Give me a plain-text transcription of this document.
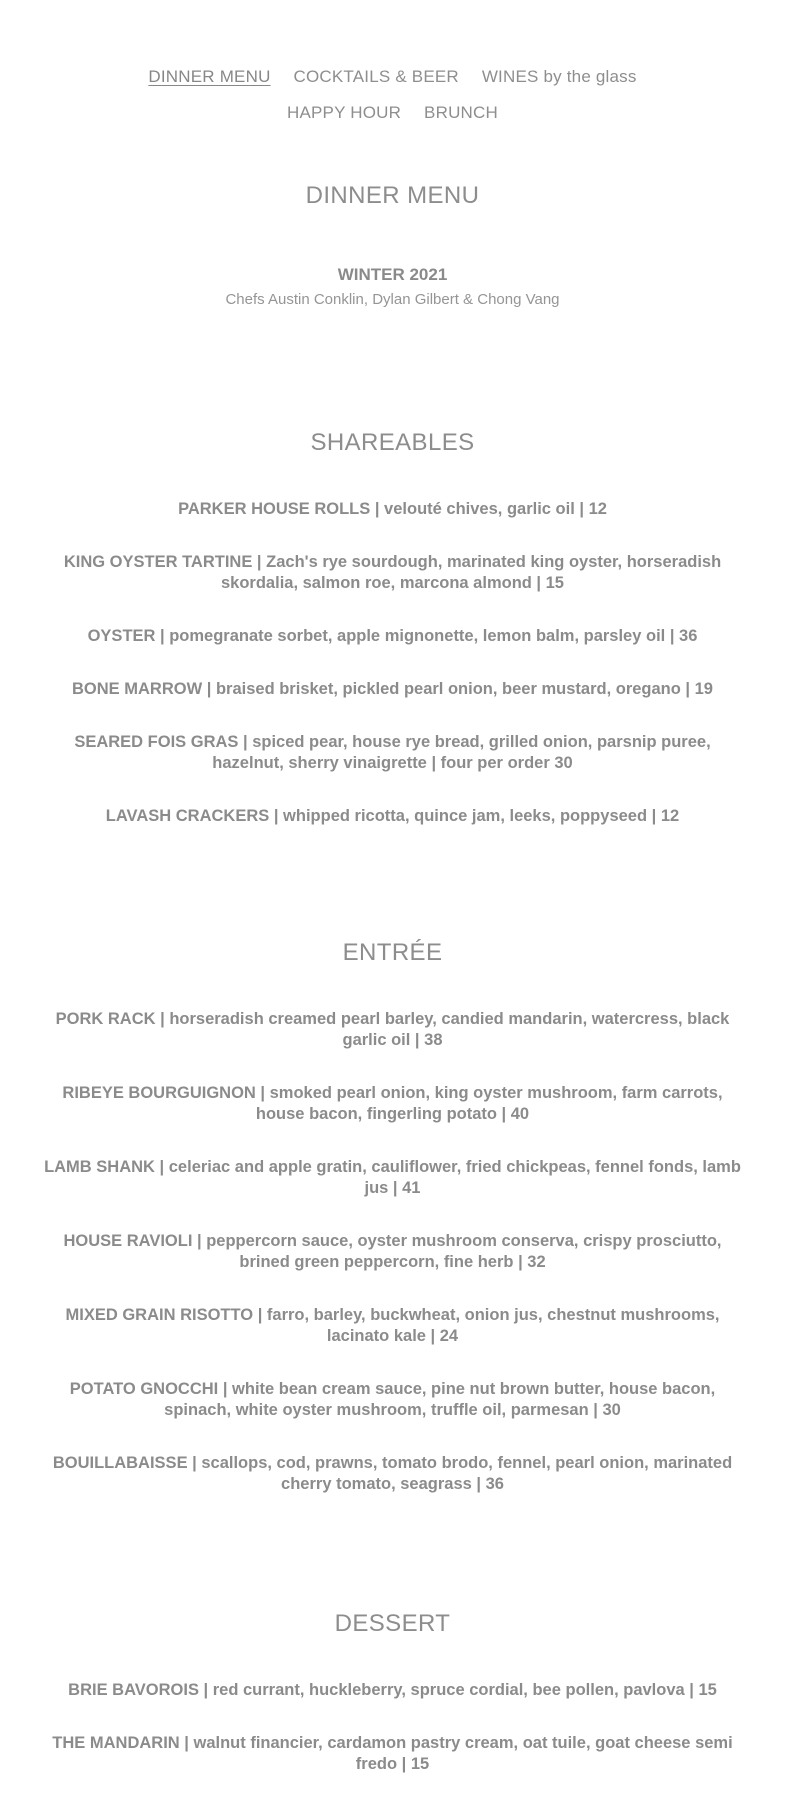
DINNER MENU COCKTAILS & BEER WINES by the glass HAPPY HOUR BRUNCH
DINNER MENU

WINTER 2021

Chefs Austin Conklin, Dylan Gilbert & Chong Vang

SHAREABLES
PARKER HOUSE ROLLS | velouté chives, garlic oil | 12
KING OYSTER TARTINE | Zach's rye sourdough, marinated king oyster, horseradish skordalia, salmon roe, marcona almond | 15
OYSTER | pomegranate sorbet, apple mignonette, lemon balm, parsley oil | 36
BONE MARROW | braised brisket, pickled pearl onion, beer mustard, oregano | 19
SEARED FOIS GRAS | spiced pear, house rye bread, grilled onion, parsnip puree, hazelnut, sherry vinaigrette | four per order 30
LAVASH CRACKERS | whipped ricotta, quince jam, leeks, poppyseed | 12
ENTRÉE
PORK RACK | horseradish creamed pearl barley, candied mandarin, watercress, black garlic oil | 38
RIBEYE BOURGUIGNON | smoked pearl onion, king oyster mushroom, farm carrots, house bacon, fingerling potato | 40
LAMB SHANK | celeriac and apple gratin, cauliflower, fried chickpeas, fennel fonds, lamb jus | 41
HOUSE RAVIOLI | peppercorn sauce, oyster mushroom conserva, crispy prosciutto, brined green peppercorn, fine herb | 32
MIXED GRAIN RISOTTO | farro, barley, buckwheat, onion jus, chestnut mushrooms, lacinato kale | 24
POTATO GNOCCHI | white bean cream sauce, pine nut brown butter, house bacon, spinach, white oyster mushroom, truffle oil, parmesan | 30
BOUILLABAISSE | scallops, cod, prawns, tomato brodo, fennel, pearl onion, marinated cherry tomato, seagrass | 36
DESSERT
BRIE BAVOROIS | red currant, huckleberry, spruce cordial, bee pollen, pavlova | 15
THE MANDARIN | walnut financier, cardamon pastry cream, oat tuile, goat cheese semi fredo | 15
